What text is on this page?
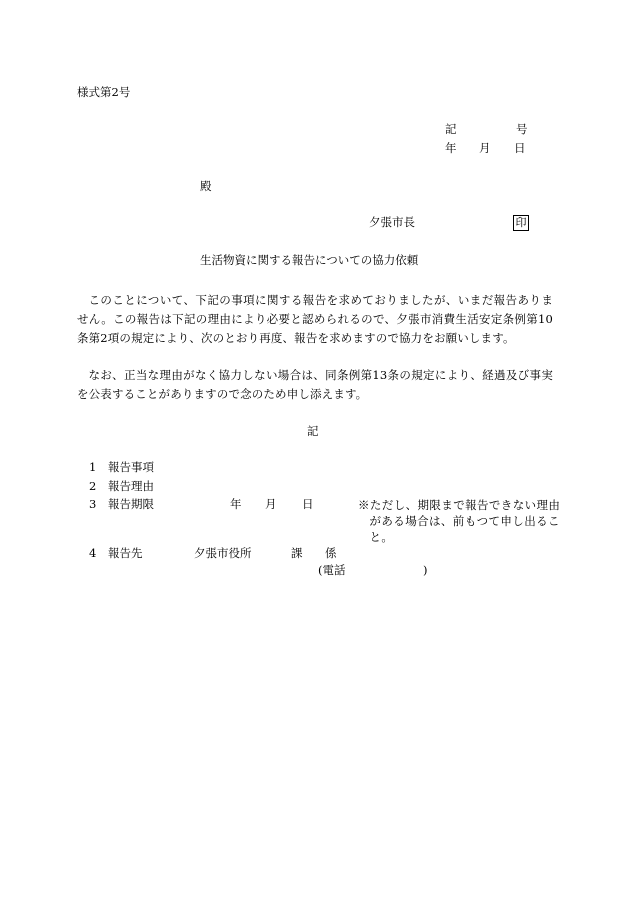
様式第2号
記	号
年 月 日
殿
夕張市長	印
生活物資に関する報告についての協力依頼
このことについて、下記の事項に関する報告を求めておりましたが、いまだ報告ありません。この報告は下記の理由により必要と認められるので、夕張市消費生活安定条例第10条第2項の規定により、次のとおり再度、報告を求めますので協力をお願いします。
なお、正当な理由がなく協力しない場合は、同条例第13条の規定により、経過及び事実を公表することがありますので念のため申し添えます。
記
1 報告事項
2 報告理由
3 報告期限	年 月 日	※ただし、期限まで報告できない理由がある場合は、前もつて申し出ること。
4 報告先	夕張市役所	課 係
(電話	)
